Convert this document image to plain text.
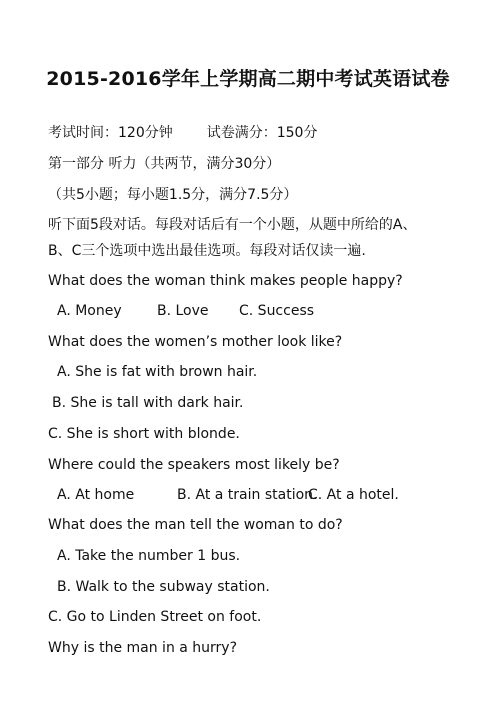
2015-2016学年上学期高二期中考试英语试卷
考试时间：120分钟 试卷满分：150分
第一部分 听力（共两节，满分30分）
（共5小题；每小题1.5分，满分7.5分）
听下面5段对话。每段对话后有一个小题，从题中所给的A、
B、C三个选项中选出最佳选项。每段对话仅读一遍.
What does the woman think makes people happy?
A. Money	B. Love C. Success
What does the women’s mother look like?
A. She is fat with brown hair.
B. She is tall with dark hair.
C. She is short with blonde.
Where could the speakers most likely be?
A. At home	B. At a train station.C. At a hotel.
What does the man tell the woman to do?
A. Take the number 1 bus.
B. Walk to the subway station.
C. Go to Linden Street on foot.
Why is the man in a hurry?
